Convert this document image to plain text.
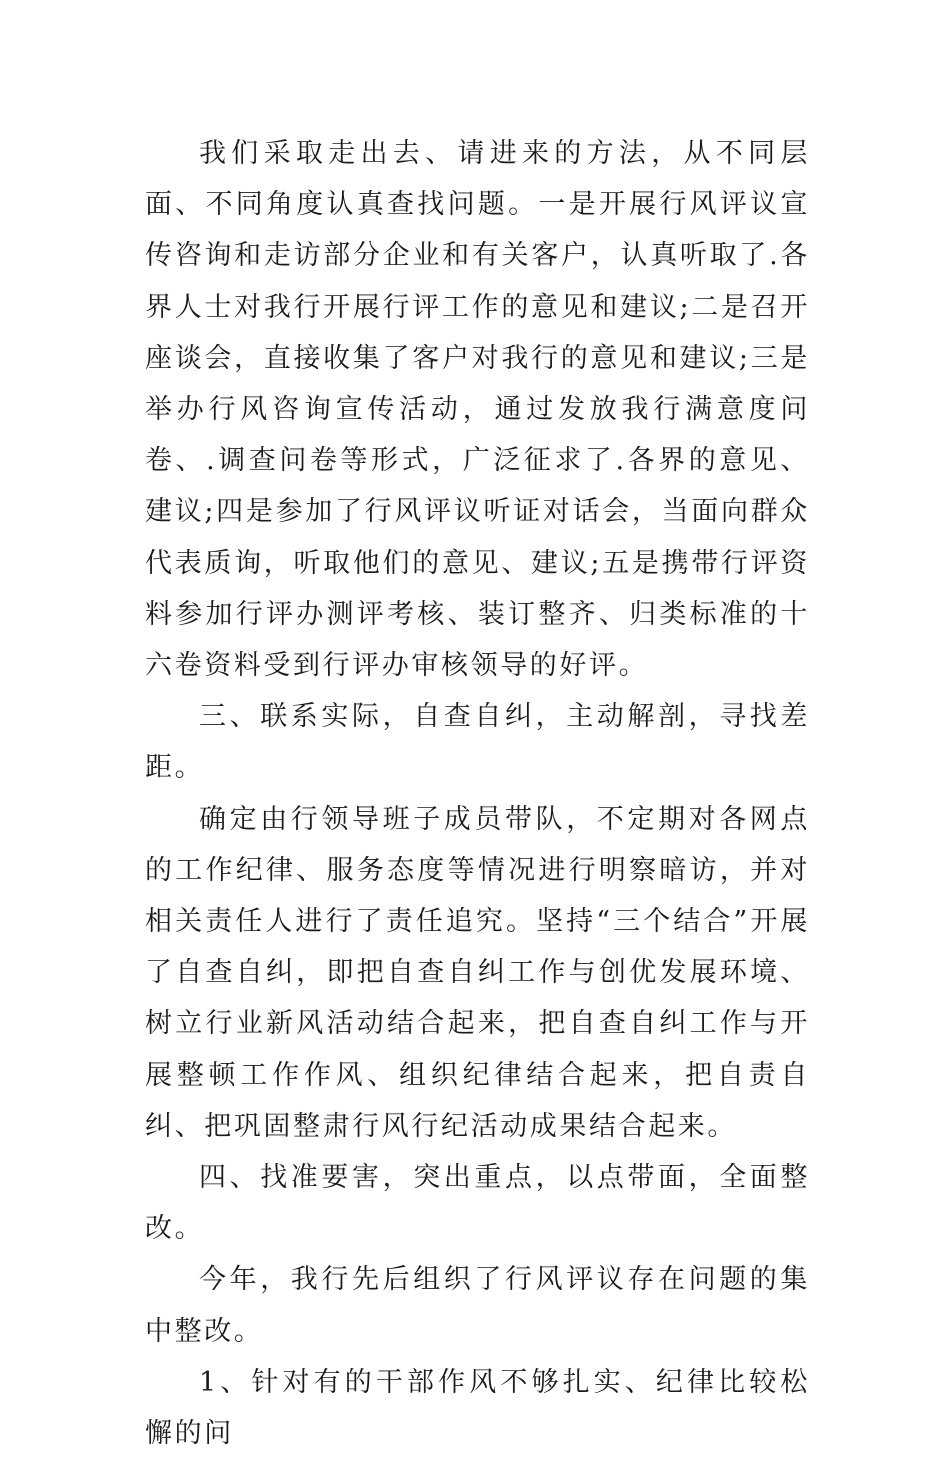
我们采取走出去、请进来的方法，从不同层面、不同角度认真查找问题。一是开展行风评议宣传咨询和走访部分企业和有关客户，认真听取了.各界人士对我行开展行评工作的意见和建议;二是召开座谈会，直接收集了客户对我行的意见和建议;三是举办行风咨询宣传活动，通过发放我行满意度问卷、.调查问卷等形式，广泛征求了.各界的意见、建议;四是参加了行风评议听证对话会，当面向群众代表质询，听取他们的意见、建议;五是携带行评资料参加行评办测评考核、装订整齐、归类标准的十六卷资料受到行评办审核领导的好评。

三、联系实际，自查自纠，主动解剖，寻找差距。

确定由行领导班子成员带队，不定期对各网点的工作纪律、服务态度等情况进行明察暗访，并对相关责任人进行了责任追究。坚持“三个结合”开展了自查自纠，即把自查自纠工作与创优发展环境、树立行业新风活动结合起来，把自查自纠工作与开展整顿工作作风、组织纪律结合起来，把自责自纠、把巩固整肃行风行纪活动成果结合起来。

四、找准要害，突出重点，以点带面，全面整改。

今年，我行先后组织了行风评议存在问题的集中整改。

1、针对有的干部作风不够扎实、纪律比较松懈的问
